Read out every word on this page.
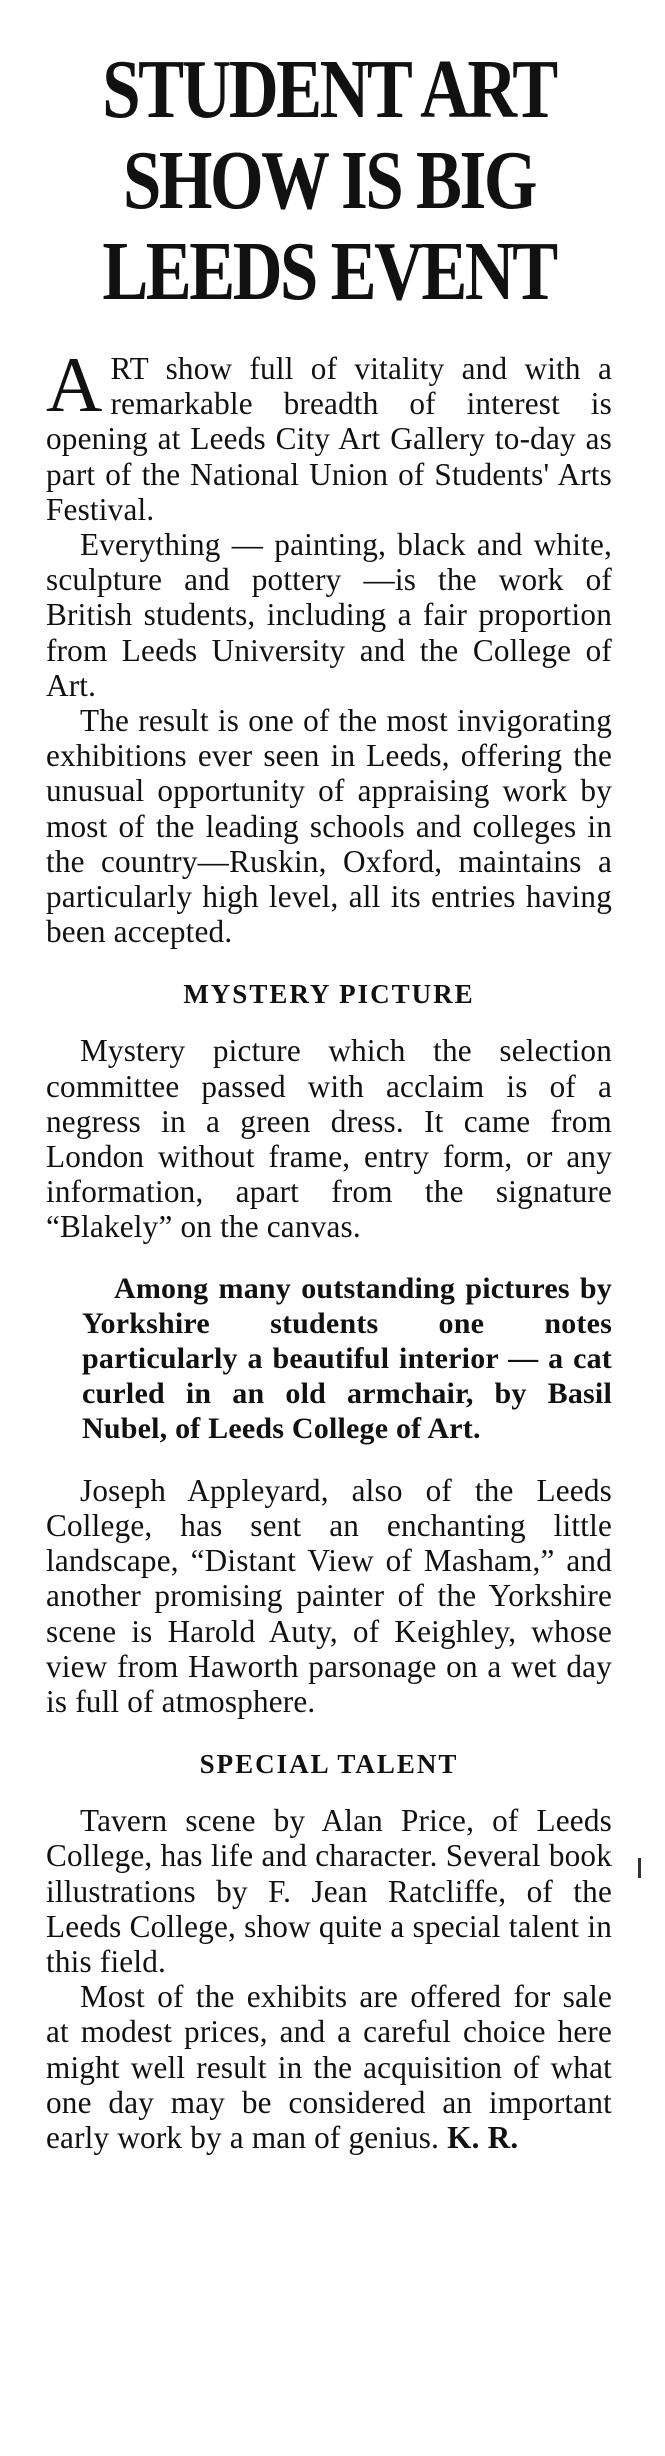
STUDENT ART
SHOW IS BIG
LEEDS EVENT

ART show full of vitality and with a remarkable breadth of interest is opening at Leeds City Art Gallery to-day as part of the National Union of Students' Arts Festival.

Everything — painting, black and white, sculpture and pottery —is the work of British students, including a fair proportion from Leeds University and the College of Art.

The result is one of the most invigorating exhibitions ever seen in Leeds, offering the unusual opportunity of appraising work by most of the leading schools and colleges in the country—Ruskin, Oxford, maintains a particularly high level, all its entries having been accepted.

MYSTERY PICTURE

Mystery picture which the selection committee passed with acclaim is of a negress in a green dress. It came from London without frame, entry form, or any information, apart from the signature “Blakely” on the canvas.

Among many outstanding pictures by Yorkshire students one notes particularly a beautiful interior — a cat curled in an old armchair, by Basil Nubel, of Leeds College of Art.

Joseph Appleyard, also of the Leeds College, has sent an enchanting little landscape, “Distant View of Masham,” and another promising painter of the Yorkshire scene is Harold Auty, of Keighley, whose view from Haworth parsonage on a wet day is full of atmosphere.

SPECIAL TALENT

Tavern scene by Alan Price, of Leeds College, has life and character. Several book illustrations by F. Jean Ratcliffe, of the Leeds College, show quite a special talent in this field.

Most of the exhibits are offered for sale at modest prices, and a careful choice here might well result in the acquisition of what one day may be considered an important early work by a man of genius. K. R.
